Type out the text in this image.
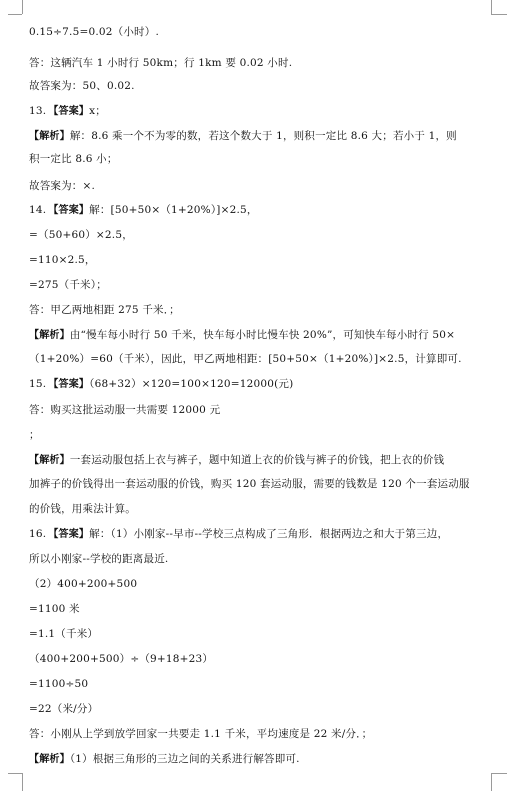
0.15÷7.5=0.02（小时）.
答：这辆汽车 1 小时行 50km；行 1km 要 0.02 小时.
故答案为：50、0.02.
13. 【答案】x；
【解析】解：8.6 乘一个不为零的数，若这个数大于 1，则积一定比 8.6 大；若小于 1，则
积一定比 8.6 小；
故答案为：×.
14. 【答案】解：[50+50×（1+20%）]×2.5，
=（50+60）×2.5，
=110×2.5，
=275（千米）；
答：甲乙两地相距 275 千米．；
【解析】由“慢车每小时行 50 千米，快车每小时比慢车快 20%”，可知快车每小时行 50×
（1+20%）=60（千米），因此，甲乙两地相距：[50+50×（1+20%）]×2.5，计算即可.
15. 【答案】（68+32）×120=100×120=12000(元)
答：购买这批运动服一共需要 12000 元
；
【解析】一套运动服包括上衣与裤子，题中知道上衣的价钱与裤子的价钱，把上衣的价钱
加裤子的价钱得出一套运动服的价钱，购买 120 套运动服，需要的钱数是 120 个一套运动服
的价钱，用乘法计算。
16. 【答案】解：（1）小刚家--早市--学校三点构成了三角形．根据两边之和大于第三边，
所以小刚家--学校的距离最近.
（2）400+200+500
=1100 米
=1.1（千米）
（400+200+500）÷（9+18+23）
=1100÷50
=22（米/分）
答：小刚从上学到放学回家一共要走 1.1 千米，平均速度是 22 米/分．；
【解析】（1）根据三角形的三边之间的关系进行解答即可.
